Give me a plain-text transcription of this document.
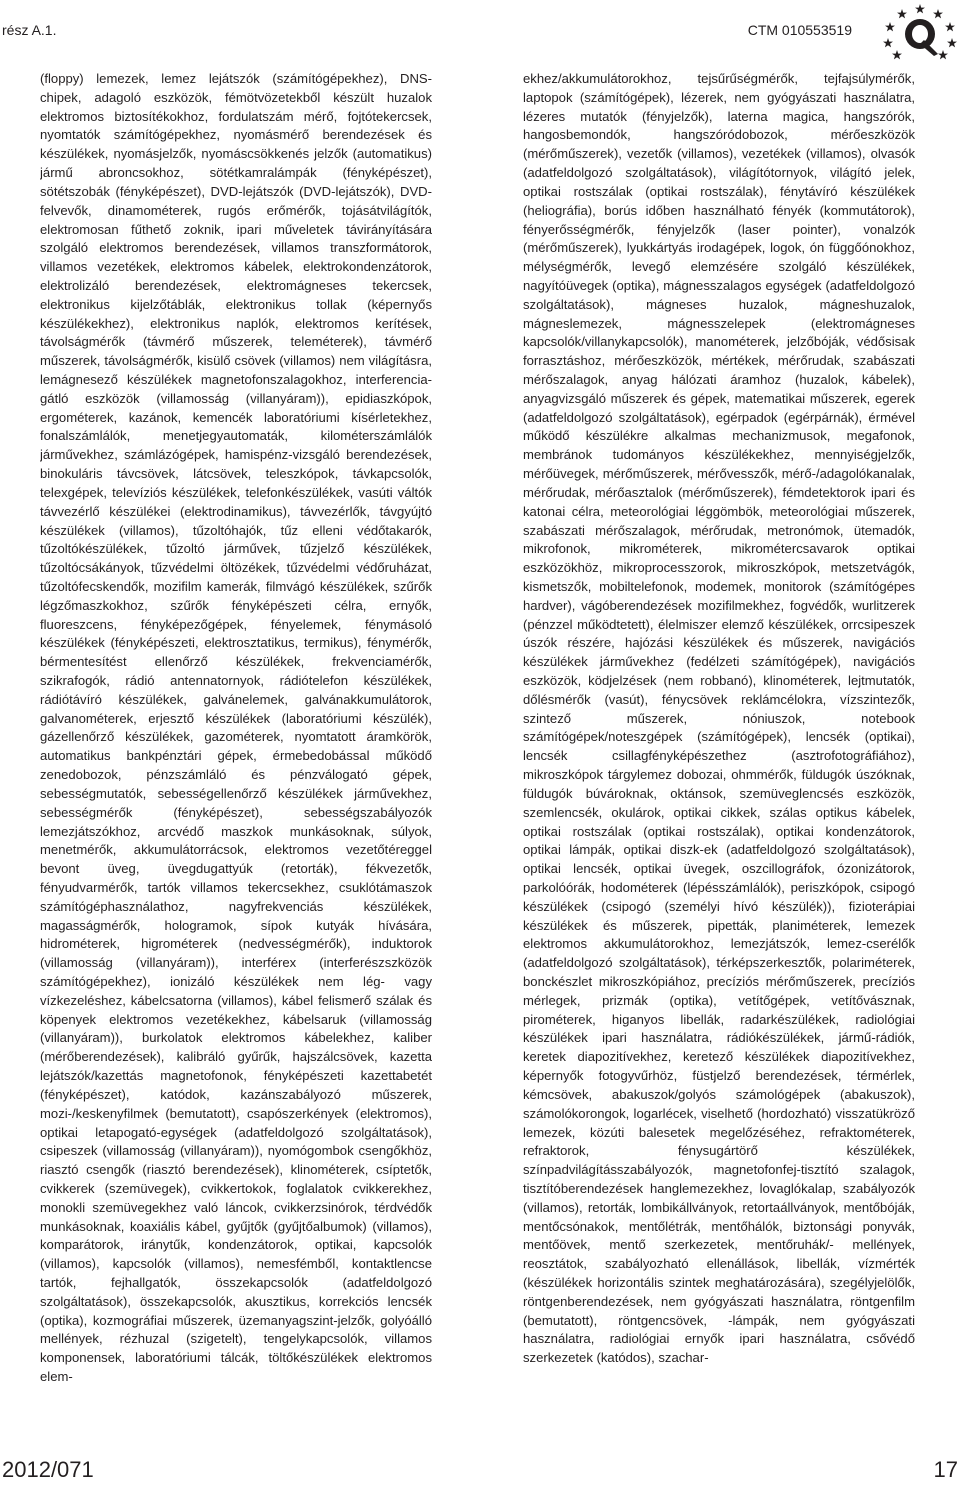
rész A.1.	CTM 010553519
(floppy) lemezek, lemez lejátszók (számítógépekhez), DNS- chipek, adagoló eszközök, fémötvözetekből készült huzalok elektromos biztosítékokhoz, fordulatszám mérő, fojtótekercsek, nyomtatók számítógépekhez, nyomásmérő berendezések és készülékek, nyomásjelzők, nyomáscsökkenés jelzők (automatikus) jármű abroncsokhoz, sötétkamralámpák (fényképészet), sötétszobák (fényképészet), DVD-lejátszók (DVD-lejátszók), DVD-felvevők, dinamométerek, rugós erőmérők, tojásátvilágítók, elektromosan fűthető zoknik, ipari műveletek távirányítására szolgáló elektromos berendezések, villamos transzformátorok, villamos vezetékek, elektromos kábelek, elektrokondenzátorok, elektrolizáló berendezések, elektromágneses tekercsek, elektronikus kijelzőtáblák, elektronikus tollak (képernyős készülékekhez), elektronikus naplók, elektromos kerítések, távolságmérők (távmérő műszerek, teleméterek), távmérő műszerek, távolságmérők, kisülő csövek (villamos) nem világításra, lemágnesező készülékek magnetofonszalagokhoz, interferencia-gátló eszközök (villamosság (villanyáram)), epidiaszkópok, ergométerek, kazánok, kemencék laboratóriumi kísérletekhez, fonalszámlálók, menetjegyautomaták, kilométerszámlálók járművekhez, számlázógépek, hamispénz-vizsgáló berendezések, binokuláris távcsövek, látcsövek, teleszkópok, távkapcsolók, telexgépek, televíziós készülékek, telefonkészülékek, vasúti váltók távvezérlő készülékei (elektrodinamikus), távvezérlők, távgyújtó készülékek (villamos), tűzoltóhajók, tűz elleni védőtakarók, tűzoltókészülékek, tűzoltó járművek, tűzjelző készülékek, tűzoltócsákányok, tűzvédelmi öltözékek, tűzvédelmi védőruházat, tűzoltófecskendők, mozifilm kamerák, filmvágó készülékek, szűrők légzőmaszkokhoz, szűrők fényképészeti célra, ernyők, fluoreszcens, fényképezőgépek, fényelemek, fénymásoló készülékek (fényképészeti, elektrosztatikus, termikus), fénymérők, bérmentesítést ellenőrző készülékek, frekvenciamérők, szikrafogók, rádió antennatornyok, rádiótelefon készülékek, rádiótávíró készülékek, galvánelemek, galvánakkumulátorok, galvanométerek, erjesztő készülékek (laboratóriumi készülék), gázellenőrző készülékek, gazométerek, nyomtatott áramkörök, automatikus bankpénztári gépek, érmebedobással működő zenedobozok, pénzszámláló és pénzválogató gépek, sebességmutatók, sebességellenőrző készülékek járművekhez, sebességmérők (fényképészet), sebességszabályozók lemezjátszókhoz, arcvédő maszkok munkásoknak, súlyok, menetmérők, akkumulátorrácsok, elektromos vezetőtéreggel bevont üveg, üvegdugattyúk (retorták), fékvezetők, fényudvarmérők, tartók villamos tekercsekhez, csuklótámaszok számítógéphasználathoz, nagyfrekvenciás készülékek, magasságmérők, hologramok, sípok kutyák hívására, hidrométerek, higrométerek (nedvességmérők), induktorok (villamosság (villanyáram)), interférex (interferészszközök számítógépekhez), ionizáló készülékek nem lég- vagy vízkezeléshez, kábelcsatorna (villamos), kábel felismerő szálak és köpenyek elektromos vezetékekhez, kábelsaruk (villamosság (villanyáram)), burkolatok elektromos kábelekhez, kaliber (mérőberendezések), kalibráló gyűrűk, hajszálcsövek, kazetta lejátszók/kazettás magnetofonok, fényképészeti kazettabetét (fényképészet), katódok, kazánszabályozó műszerek, mozi-/keskenyfilmek (bemutatott), csapószerkények (elektromos), optikai letapogató-egységek (adatfeldolgozó szolgáltatások), csipeszek (villamosság (villanyáram)), nyomógombok csengőkhöz, riasztó csengők (riasztó berendezések), klinométerek, csíptetők, cvikkerek (szemüvegek), cvikkertokok, foglalatok cvikkerekhez, monokli szemüvegekhez való láncok, cvikkerzsinórok, térdvédők munkásoknak, koaxiális kábel, gyűjtők (gyűjtőalbumok) (villamos), komparátorok, iránytűk, kondenzátorok, optikai, kapcsolók (villamos), kapcsolók (villamos), nemesfémből, kontaktlencse tartók, fejhallgatók, összekapcsolók (adatfeldolgozó szolgáltatások), összekapcsolók, akusztikus, korrekciós lencsék (optika), kozmográfiai műszerek, üzemanyagszint-jelzők, golyóálló mellények, rézhuzal (szigetelt), tengelykapcsolók, villamos komponensek, laboratóriumi tálcák, töltőkészülékek elektromos elem-
ekhez/akkumulátorokhoz, tejsűrűségmérők, tejfajsúlymérők, laptopok (számítógépek), lézerek, nem gyógyászati használatra, lézeres mutatók (fényjelzők), laterna magica, hangszórók, hangosbemondók, hangszóródobozok, mérőeszközök (mérőműszerek), vezetők (villamos), vezetékek (villamos), olvasók (adatfeldolgozó szolgáltatások), világítótornyok, világító jelek, optikai rostszálak (optikai rostszálak), fénytávíró készülékek (heliográfia), borús időben használható fényék (kommutátorok), fényerősségmérők, fényjelzők (laser pointer), vonalzók (mérőműszerek), lyukkártyás irodagépek, logok, ón függőónokhoz, mélységmérők, levegő elemzésére szolgáló készülékek, nagyítóüvegek (optika), mágnesszalagos egységek (adatfeldolgozó szolgáltatások), mágneses huzalok, mágneshuzalok, mágneslemezek, mágnesszelepek (elektromágneses kapcsolók/villanykapcsolók), manométerek, jelzőbóják, védősisak forrasztáshoz, mérőeszközök, mértékek, mérőrudak, szabászati mérőszalagok, anyag hálózati áramhoz (huzalok, kábelek), anyagvizsgáló műszerek és gépek, matematikai műszerek, egerek (adatfeldolgozó szolgáltatások), egérpadok (egérpárnák), érmével működő készülékre alkalmas mechanizmusok, megafonok, membránok tudományos készülékekhez, mennyiségjelzők, mérőüvegek, mérőműszerek, mérővesszők, mérő-/adagolókanalak, mérőrudak, mérőasztalok (mérőműszerek), fémdetektorok ipari és katonai célra, meteorológiai léggömbök, meteorológiai műszerek, szabászati mérőszalagok, mérőrudak, metronómok, ütemadók, mikrofonok, mikrométerek, mikrométercsavarok optikai eszközökhöz, mikroprocesszorok, mikroszkópok, metszetvágók, kismetszők, mobiltelefonok, modemek, monitorok (számítógépes hardver), vágóberendezések mozifilmekhez, fogvédők, wurlitzerek (pénzzel működtetett), élelmiszer elemző készülékek, orrcsipeszek úszók részére, hajózási készülékek és műszerek, navigációs készülékek járművekhez (fedélzeti számítógépek), navigációs eszközök, ködjelzések (nem robbanó), klinométerek, lejtmutatók, dőlésmérők (vasút), fénycsövek reklámcélokra, vízszintezők, szintező műszerek, nóniuszok, notebook számítógépek/noteszgépek (számítógépek), lencsék (optikai), lencsék csillagfényképészethez (asztrofotográfiához), mikroszkópok tárgylemez dobozai, ohmmérők, füldugók úszóknak, füldugók búvároknak, oktánsok, szemüveglencsés eszközök, szemlencsék, okulárok, optikai cikkek, szálas optikus kábelek, optikai rostszálak (optikai rostszálak), optikai kondenzátorok, optikai lámpák, optikai diszk-ek (adatfeldolgozó szolgáltatások), optikai lencsék, optikai üvegek, oszcillográfok, ózonizátorok, parkolóórák, hodométerek (lépésszámlálók), periszkópok, csipogó készülékek (csipogó (személyi hívó készülék)), fizioterápiai készülékek és műszerek, pipetták, planiméterek, lemezek elektromos akkumulátorokhoz, lemezjátszók, lemez-cserélők (adatfeldolgozó szolgáltatások), térképszerkesztők, polariméterek, bonckészlet mikroszkópiához, precíziós mérőműszerek, precíziós mérlegek, prizmák (optika), vetítőgépek, vetítővásznak, pirométerek, higanyos libellák, radarkészülékek, radiológiai készülékek ipari használatra, rádiókészülékek, jármű-rádiók, keretek diapozitívekhez, keretező készülékek diapozitívekhez, képernyők fotogyvűrhöz, füstjelző berendezések, térmérlek, kémcsövek, abakuszok/golyós számológépek (abakuszok), számolókorongok, logarlécek, viselhető (hordozható) visszatükröző lemezek, közúti balesetek megelőzéséhez, refraktométerek, refraktorok, fénysugártörő készülékek, színpadvilágításszabályozók, magnetofonfej-tisztító szalagok, tisztítóberendezések hanglemezekhez, lovaglókalap, szabályozók (villamos), retorták, lombikállványok, retortaállványok, mentőbóják, mentőcsónakok, mentőlétrák, mentőhálók, biztonsági ponyvák, mentőövek, mentő szerkezetek, mentőruhák/- mellények, reosztátok, szabályozható ellenállások, libellák, vízmérték (készülékek horizontális szintek meghatározására), szegélyjelölők, röntgenberendezések, nem gyógyászati használatra, röntgenfilm (bemutatott), röntgencsövek, -lámpák, nem gyógyászati használatra, radiológiai ernyők ipari használatra, csővédő szerkezetek (katódos), szachar-
2012/071	17
